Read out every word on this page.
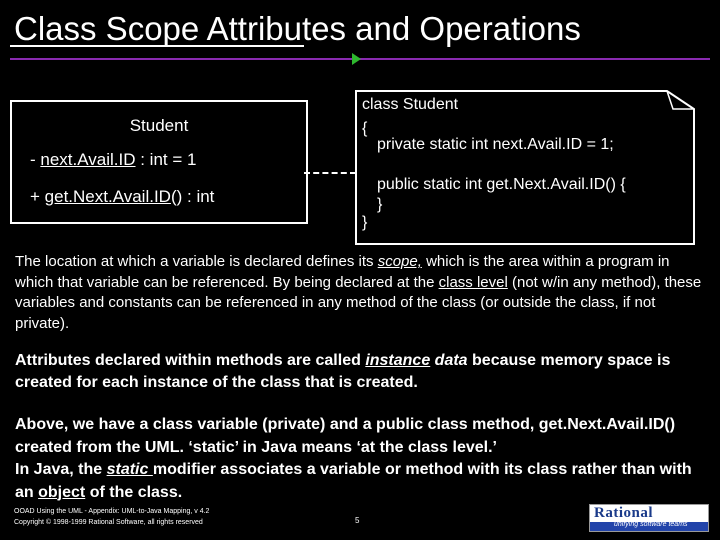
Class Scope Attributes and Operations
Student
- next.Avail.ID : int = 1
+ get.Next.Avail.ID() : int
class Student
{
private static int next.Avail.ID = 1;
public static int get.Next.Avail.ID() {
}
}
The location at which a variable is declared defines its scope, which is the area within a program in which that variable can be referenced. By being declared at the class level (not w/in any method), these variables and constants can be referenced in any method of the class (or outside the class, if not private).
Attributes declared within methods are called instance data because memory space is created for each instance of the class that is created.
Above, we have a class variable (private) and a public class method, get.Next.Avail.ID() created from the UML. ‘static’ in Java means ‘at the class level.’
In Java, the static modifier associates a variable or method with its class rather than with an object of the class.
OOAD Using the UML - Appendix: UML-to-Java Mapping, v 4.2
Copyright © 1998-1999 Rational Software, all rights reserved	5	Rational
unifying software teams
